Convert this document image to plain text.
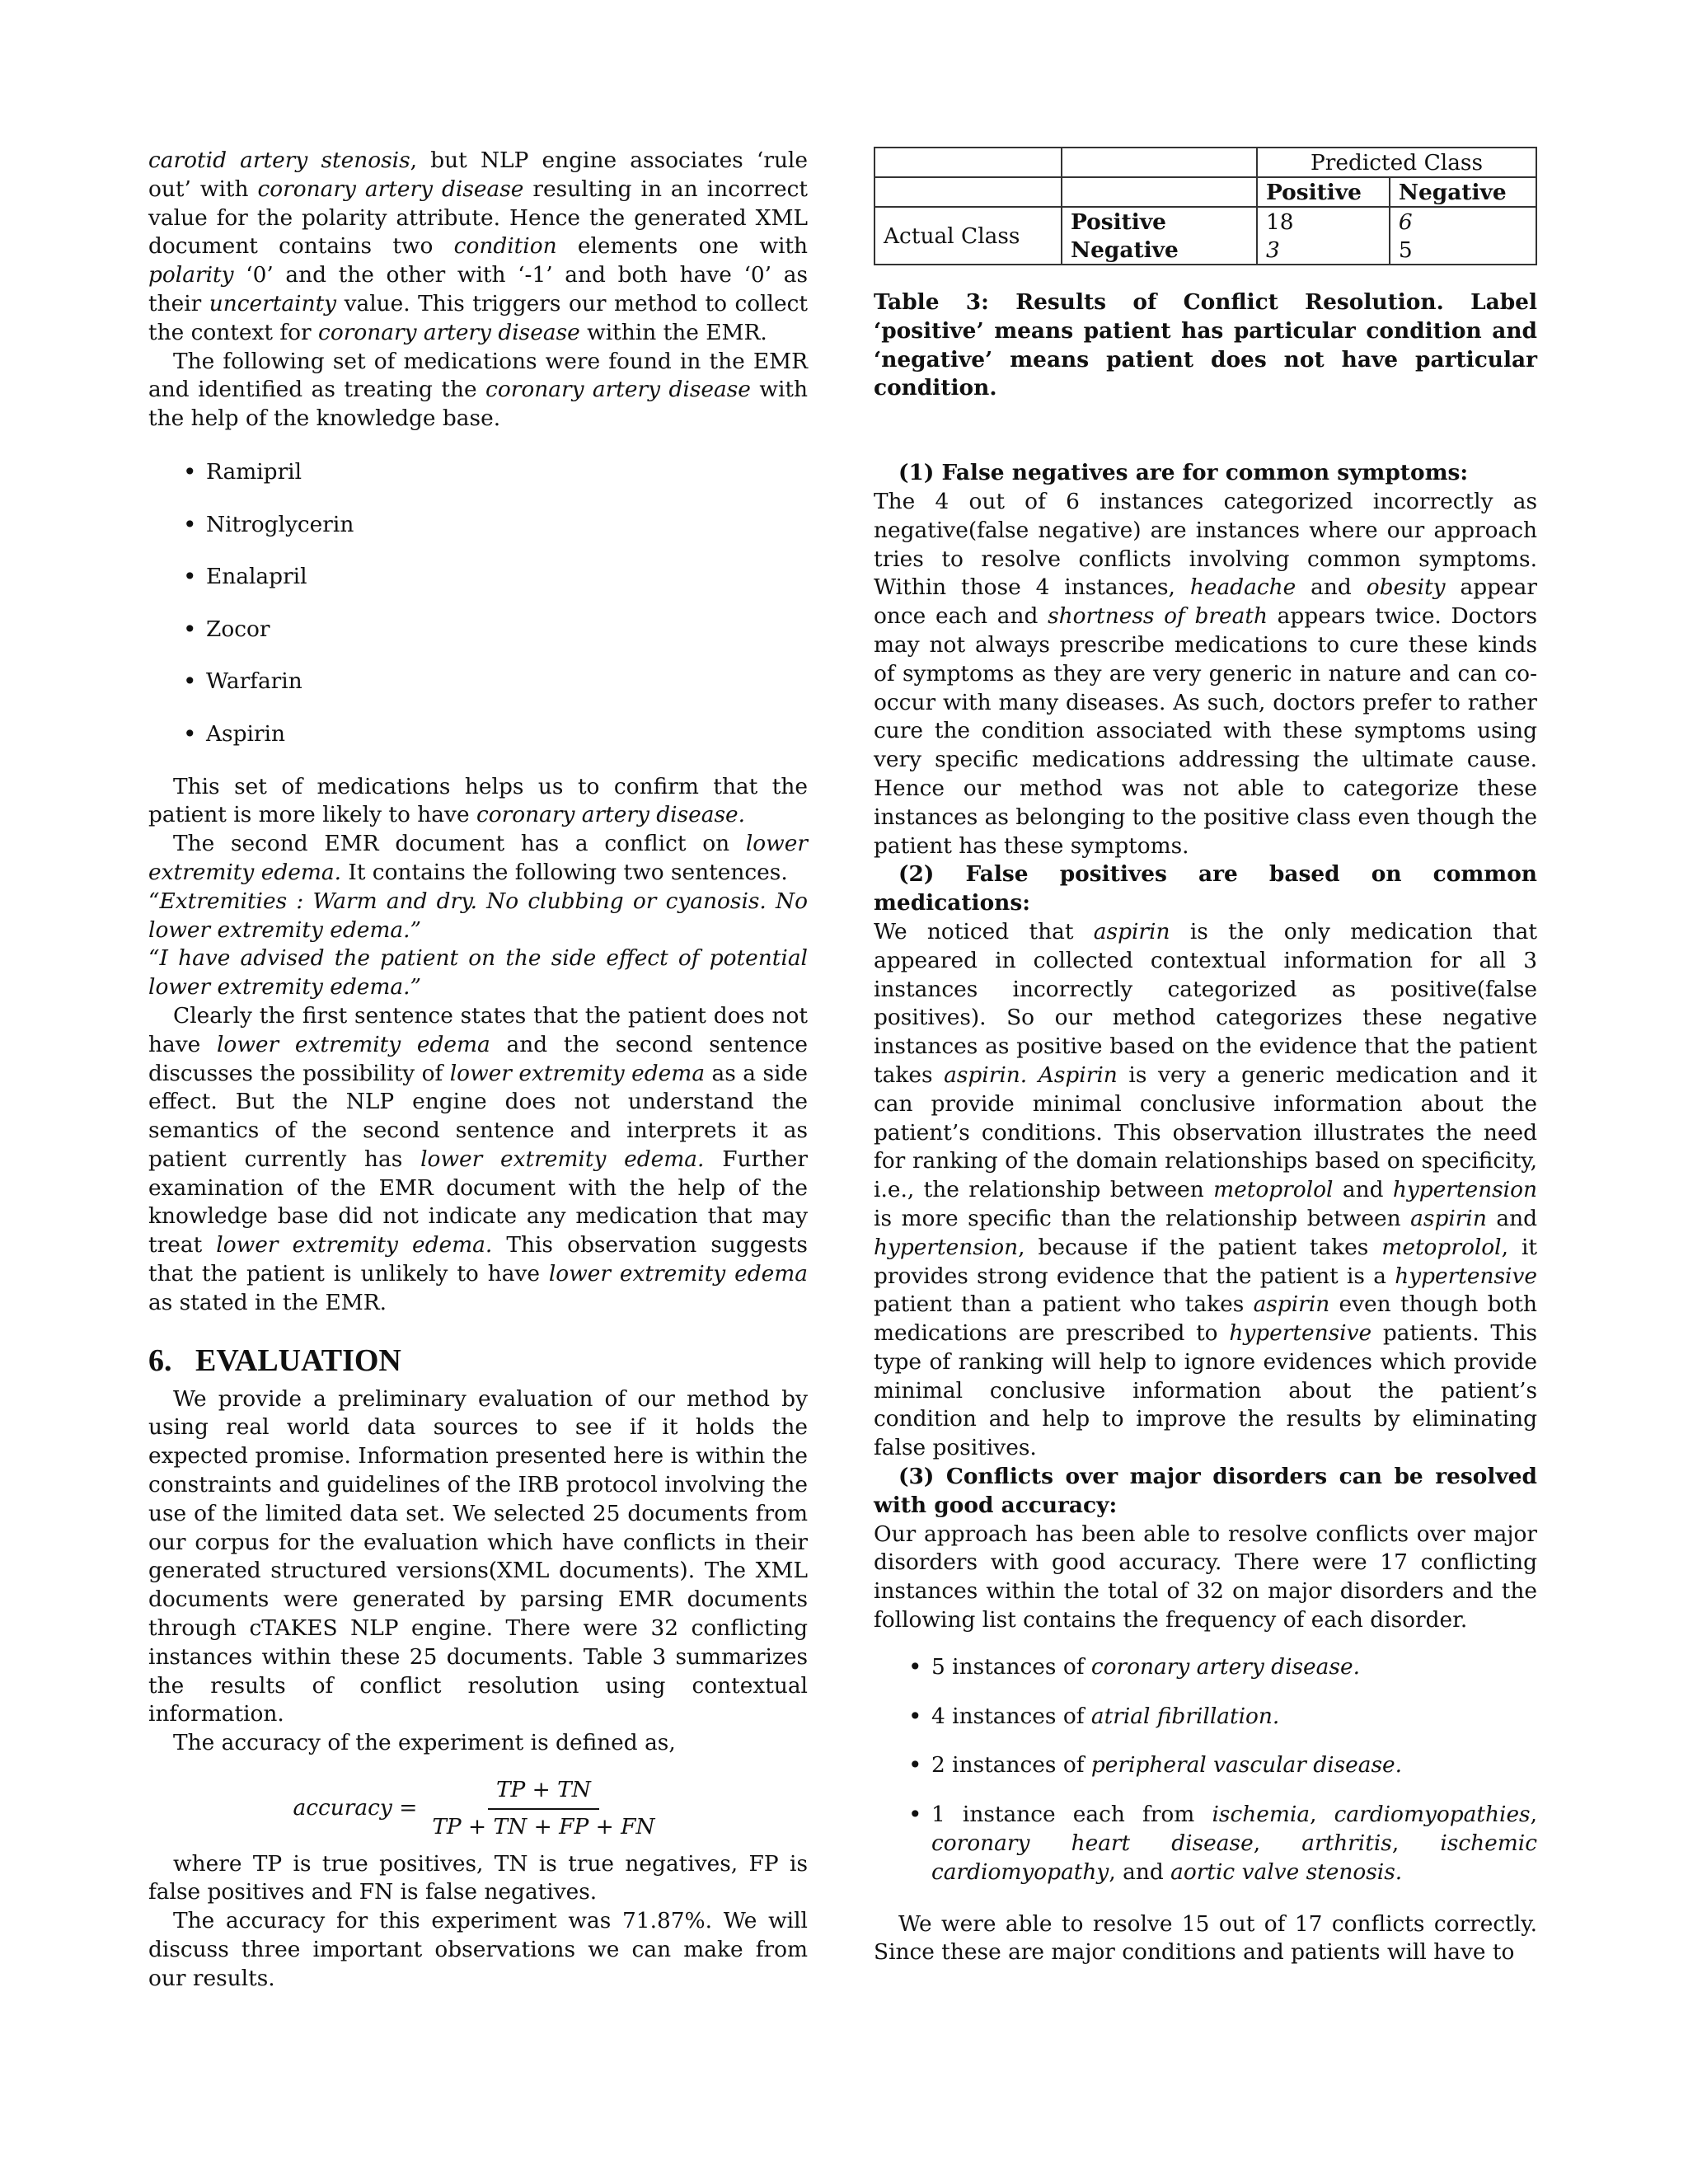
carotid artery stenosis, but NLP engine associates ‘rule out’ with coronary artery disease resulting in an incorrect value for the polarity attribute. Hence the generated XML document contains two condition elements one with polarity ‘0’ and the other with ‘-1’ and both have ‘0’ as their uncertainty value. This triggers our method to collect the context for coronary artery disease within the EMR.

The following set of medications were found in the EMR and identified as treating the coronary artery disease with the help of the knowledge base.

• Ramipril
• Nitroglycerin
• Enalapril
• Zocor
• Warfarin
• Aspirin

This set of medications helps us to confirm that the patient is more likely to have coronary artery disease.

The second EMR document has a conflict on lower extremity edema. It contains the following two sentences.

“Extremities : Warm and dry. No clubbing or cyanosis. No lower extremity edema.”

“I have advised the patient on the side effect of potential lower extremity edema.”

Clearly the first sentence states that the patient does not have lower extremity edema and the second sentence discusses the possibility of lower extremity edema as a side effect. But the NLP engine does not understand the semantics of the second sentence and interprets it as patient currently has lower extremity edema. Further examination of the EMR document with the help of the knowledge base did not indicate any medication that may treat lower extremity edema. This observation suggests that the patient is unlikely to have lower extremity edema as stated in the EMR.

6. EVALUATION

We provide a preliminary evaluation of our method by using real world data sources to see if it holds the expected promise. Information presented here is within the constraints and guidelines of the IRB protocol involving the use of the limited data set. We selected 25 documents from our corpus for the evaluation which have conflicts in their generated structured versions(XML documents). The XML documents were generated by parsing EMR documents through cTAKES NLP engine. There were 32 conflicting instances within these 25 documents. Table 3 summarizes the results of conflict resolution using contextual information.

The accuracy of the experiment is defined as,

accuracy = $\frac{TP + TN}{TP + TN + FP + FN}$

where TP is true positives, TN is true negatives, FP is false positives and FN is false negatives.

The accuracy for this experiment was 71.87%. We will discuss three important observations we can make from our results.

		Predicted Class	
		Positive	Negative
Actual Class	Positive	18	6
	Negative	3	5

Table 3: Results of Conflict Resolution. Label ‘positive’ means patient has particular condition and ‘negative’ means patient does not have particular condition.

(1) False negatives are for common symptoms:

The 4 out of 6 instances categorized incorrectly as negative(false negative) are instances where our approach tries to resolve conflicts involving common symptoms. Within those 4 instances, headache and obesity appear once each and shortness of breath appears twice. Doctors may not always prescribe medications to cure these kinds of symptoms as they are very generic in nature and can co-occur with many diseases. As such, doctors prefer to rather cure the condition associated with these symptoms using very specific medications addressing the ultimate cause. Hence our method was not able to categorize these instances as belonging to the positive class even though the patient has these symptoms.

(2) False positives are based on common medications:

We noticed that aspirin is the only medication that appeared in collected contextual information for all 3 instances incorrectly categorized as positive(false positives). So our method categorizes these negative instances as positive based on the evidence that the patient takes aspirin. Aspirin is very a generic medication and it can provide minimal conclusive information about the patient’s conditions. This observation illustrates the need for ranking of the domain relationships based on specificity, i.e., the relationship between metoprolol and hypertension is more specific than the relationship between aspirin and hypertension, because if the patient takes metoprolol, it provides strong evidence that the patient is a hypertensive patient than a patient who takes aspirin even though both medications are prescribed to hypertensive patients. This type of ranking will help to ignore evidences which provide minimal conclusive information about the patient’s condition and help to improve the results by eliminating false positives.

(3) Conflicts over major disorders can be resolved with good accuracy:

Our approach has been able to resolve conflicts over major disorders with good accuracy. There were 17 conflicting instances within the total of 32 on major disorders and the following list contains the frequency of each disorder.

• 5 instances of coronary artery disease.
• 4 instances of atrial fibrillation.
• 2 instances of peripheral vascular disease.
• 1 instance each from ischemia, cardiomyopathies, coronary heart disease, arthritis, ischemic cardiomyopathy, and aortic valve stenosis.

We were able to resolve 15 out of 17 conflicts correctly. Since these are major conditions and patients will have to
